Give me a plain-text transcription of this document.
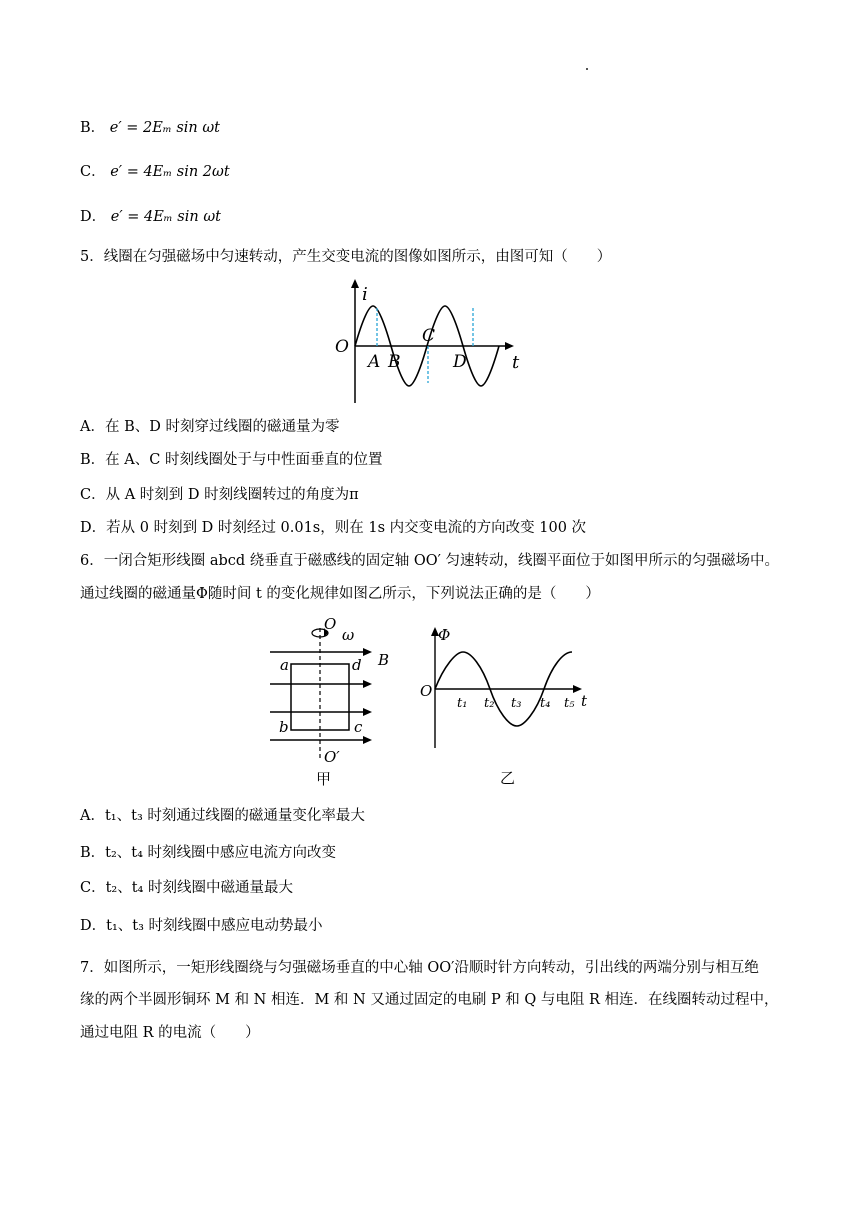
B． e′ = 2Eₘ sin ωt
C． e′ = 4Eₘ sin 2ωt
D． e′ = 4Eₘ sin ωt
5．线圈在匀强磁场中匀速转动，产生交变电流的图像如图所示，由图可知（　　）
i
O
t
A B
C
D
A．在 B、D 时刻穿过线圈的磁通量为零
B．在 A、C 时刻线圈处于与中性面垂直的位置
C．从 A 时刻到 D 时刻线圈转过的角度为π
D．若从 0 时刻到 D 时刻经过 0.01s，则在 1s 内交变电流的方向改变 100 次
6．一闭合矩形线圈 abcd 绕垂直于磁感线的固定轴 OO′ 匀速转动，线圈平面位于如图甲所示的匀强磁场中。
通过线圈的磁通量Φ随时间 t 的变化规律如图乙所示，下列说法正确的是（　　）
O
ω
B
a	d
b	c
O′
甲
Φ
O
t
t₁ t₂ t₃ t₄ t₅
乙
A．t₁、t₃ 时刻通过线圈的磁通量变化率最大
B．t₂、t₄ 时刻线圈中感应电流方向改变
C．t₂、t₄ 时刻线圈中磁通量最大
D．t₁、t₃ 时刻线圈中感应电动势最小
7．如图所示，一矩形线圈绕与匀强磁场垂直的中心轴 OO′沿顺时针方向转动，引出线的两端分别与相互绝
缘的两个半圆形铜环 M 和 N 相连．M 和 N 又通过固定的电刷 P 和 Q 与电阻 R 相连．在线圈转动过程中，
通过电阻 R 的电流（　　）
